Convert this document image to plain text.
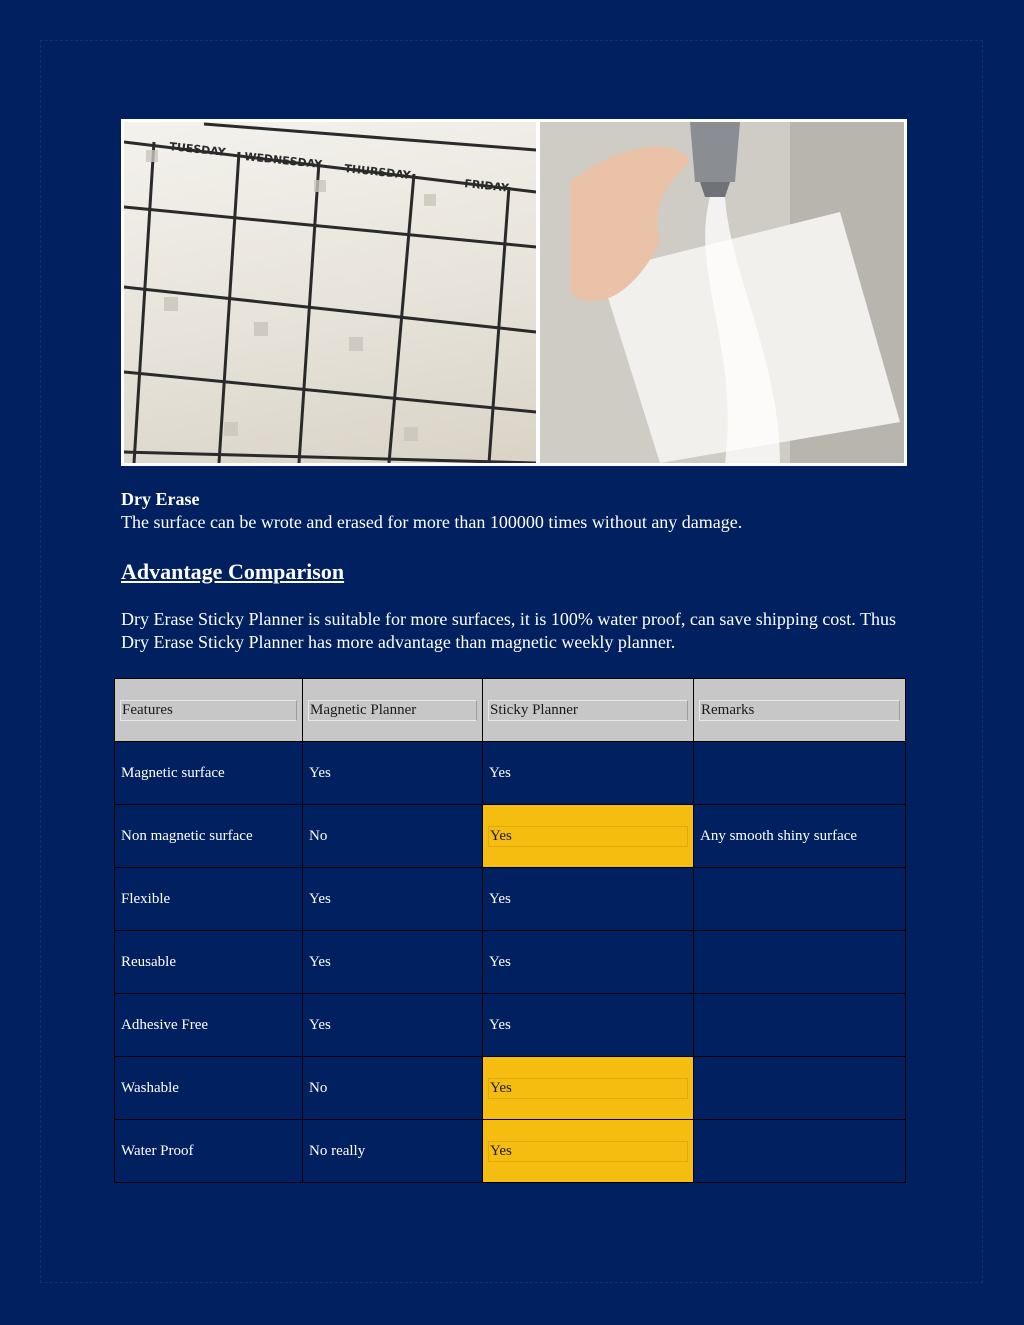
TUESDAY
WEDNESDAY
THURSDAY
FRIDAY
Dry Erase
The surface can be wrote and erased for more than 100000 times without any damage.
Advantage Comparison
Dry Erase Sticky Planner is suitable for more surfaces, it is 100% water proof, can save shipping cost. Thus Dry Erase Sticky Planner has more advantage than magnetic weekly planner.
Features	Magnetic Planner	Sticky Planner	Remarks

Magnetic surface	Yes	Yes	

Non magnetic surface	No	Yes	Any smooth shiny surface

Flexible	Yes	Yes	

Reusable	Yes	Yes	

Adhesive Free	Yes	Yes	

Washable	No	Yes	

Water Proof	No really	Yes	
